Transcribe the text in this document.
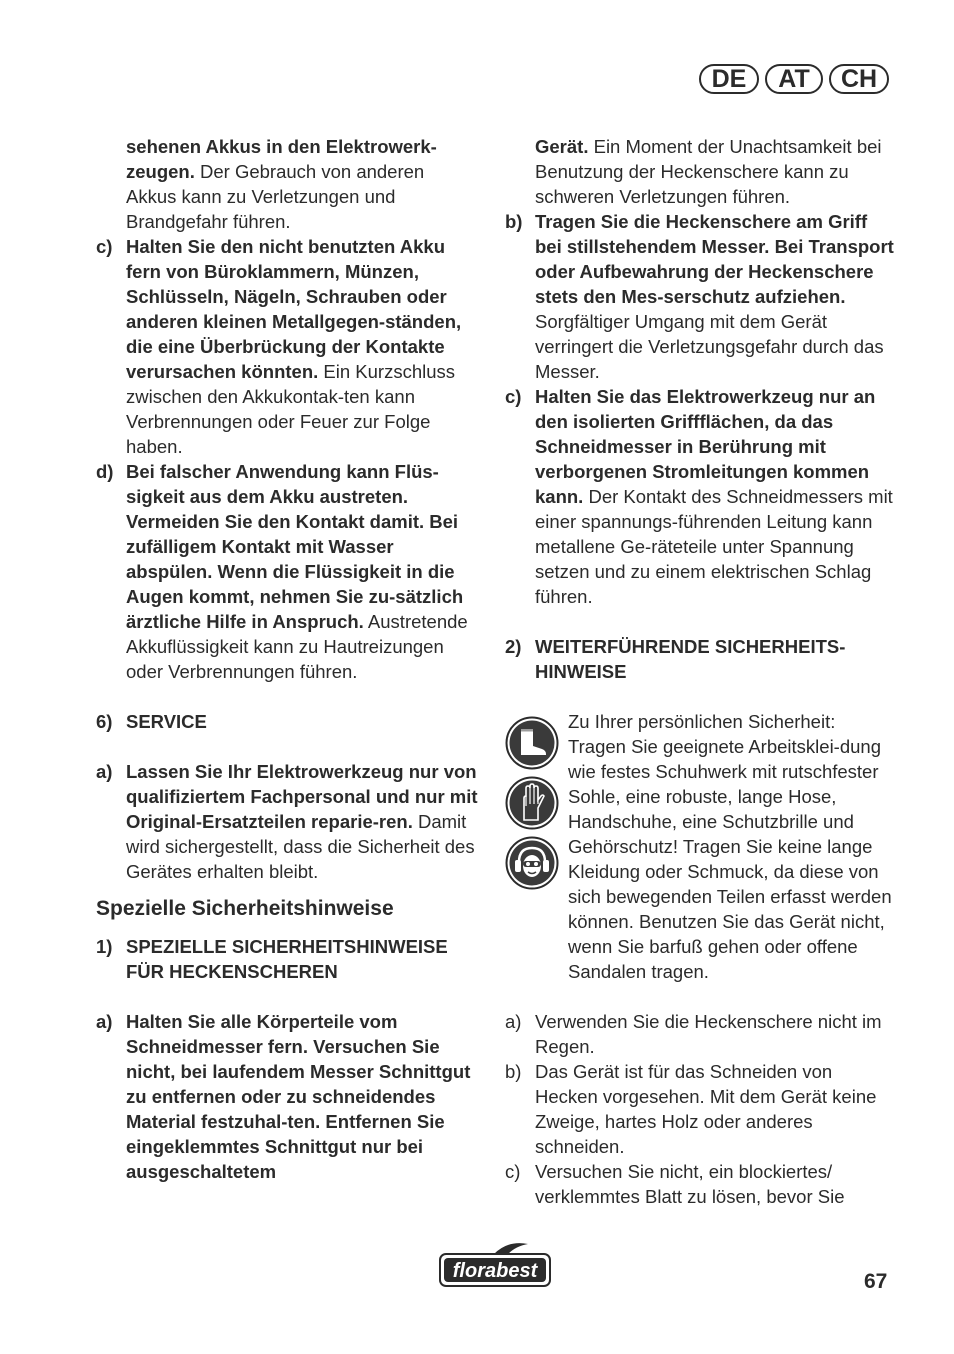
DE	AT	CH
sehenen Akkus in den Elektrowerk-
zeugen. Der Gebrauch von anderen
Akkus kann zu Verletzungen und
Brandgefahr führen.
c) Halten Sie den nicht benutzten Akku fern von Büroklammern, Münzen, Schlüsseln, Nägeln, Schrauben oder anderen kleinen Metallgegen-ständen, die eine Überbrückung der Kontakte verursachen könnten. Ein Kurzschluss zwischen den Akkukontak-ten kann Verbrennungen oder Feuer zur Folge haben.
d) Bei falscher Anwendung kann Flüs-sigkeit aus dem Akku austreten. Vermeiden Sie den Kontakt damit. Bei zufälligem Kontakt mit Wasser abspülen. Wenn die Flüssigkeit in die Augen kommt, nehmen Sie zu-sätzlich ärztliche Hilfe in Anspruch. Austretende Akkuflüssigkeit kann zu Hautreizungen oder Verbrennungen führen.
6) SERVICE
a) Lassen Sie Ihr Elektrowerkzeug nur von qualifiziertem Fachpersonal und nur mit Original-Ersatzteilen reparie-ren. Damit wird sichergestellt, dass die Sicherheit des Gerätes erhalten bleibt.
Spezielle Sicherheitshinweise
1) SPEZIELLE SICHERHEITSHINWEISE FÜR HECKENSCHEREN
a) Halten Sie alle Körperteile vom Schneidmesser fern. Versuchen Sie nicht, bei laufendem Messer Schnittgut zu entfernen oder zu schneidendes Material festzuhal-ten. Entfernen Sie eingeklemmtes Schnittgut nur bei ausgeschaltetem
Gerät. Ein Moment der Unachtsamkeit bei Benutzung der Heckenschere kann zu schweren Verletzungen führen.
b) Tragen Sie die Heckenschere am Griff bei stillstehendem Messer. Bei Transport oder Aufbewahrung der Heckenschere stets den Mes-serschutz aufziehen. Sorgfältiger Umgang mit dem Gerät verringert die Verletzungsgefahr durch das Messer.
c) Halten Sie das Elektrowerkzeug nur an den isolierten Griffflächen, da das Schneidmesser in Berührung mit verborgenen Stromleitungen kommen kann. Der Kontakt des Schneidmessers mit einer spannungs-führenden Leitung kann metallene Ge-räteteile unter Spannung setzen und zu einem elektrischen Schlag führen.
2) WEITERFÜHRENDE SICHERHEITS-HINWEISE
Zu Ihrer persönlichen Sicherheit: Tragen Sie geeignete Arbeitsklei-dung wie festes Schuhwerk mit rutschfester Sohle, eine robuste, lange Hose, Handschuhe, eine Schutzbrille und Gehörschutz! Tragen Sie keine lange Kleidung oder Schmuck, da diese von sich bewegenden Teilen erfasst werden können. Benutzen Sie das Gerät nicht, wenn Sie barfuß gehen oder offene Sandalen tragen.
a) Verwenden Sie die Heckenschere nicht im Regen.
b) Das Gerät ist für das Schneiden von Hecken vorgesehen. Mit dem Gerät keine Zweige, hartes Holz oder anderes schneiden.
c) Versuchen Sie nicht, ein blockiertes/ verklemmtes Blatt zu lösen, bevor Sie
florabest	67
